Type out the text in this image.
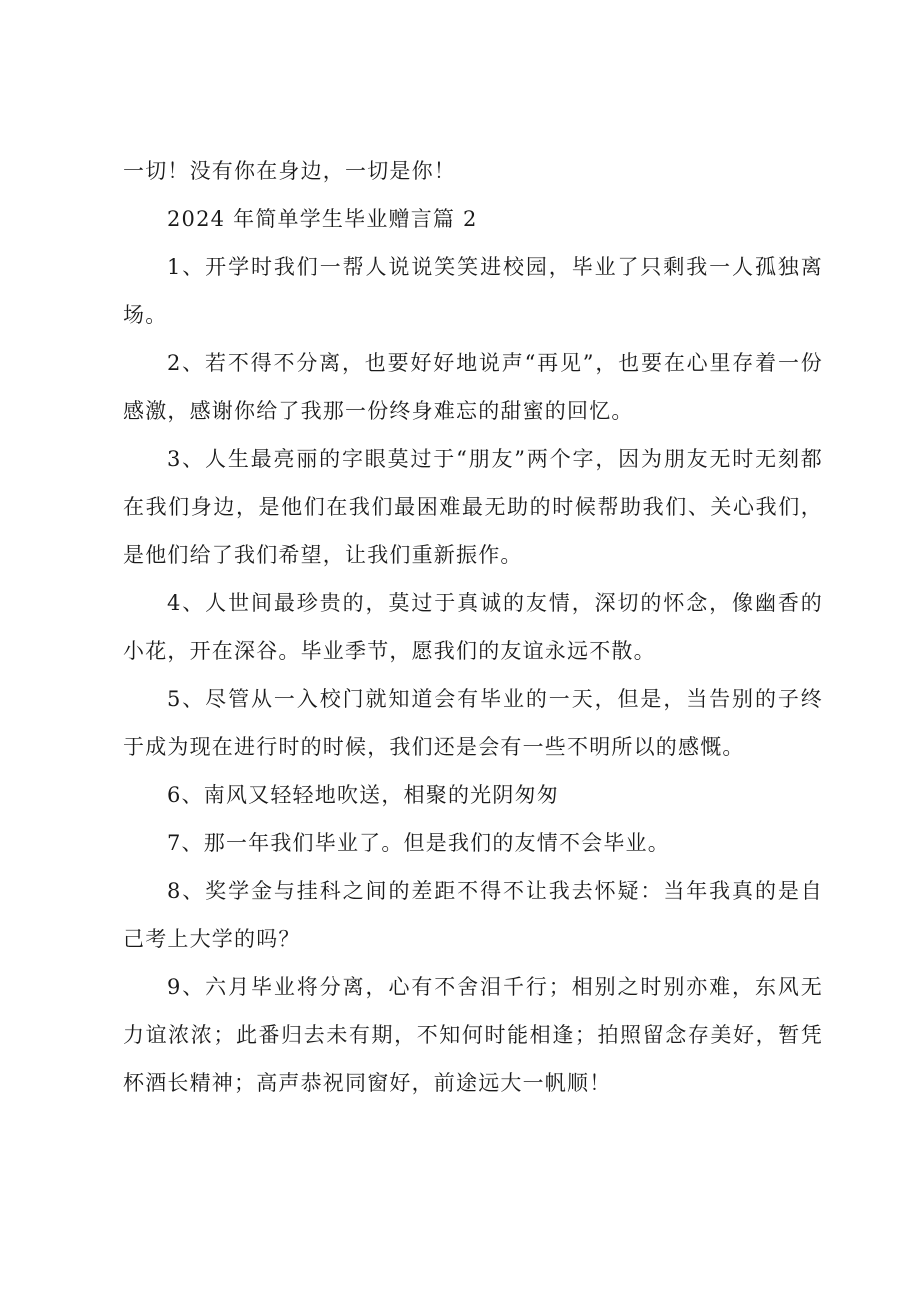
一切！没有你在身边，一切是你！

2024 年简单学生毕业赠言篇 2

1、开学时我们一帮人说说笑笑进校园，毕业了只剩我一人孤独离场。

2、若不得不分离，也要好好地说声“再见”，也要在心里存着一份感激，感谢你给了我那一份终身难忘的甜蜜的回忆。

3、人生最亮丽的字眼莫过于“朋友”两个字，因为朋友无时无刻都在我们身边，是他们在我们最困难最无助的时候帮助我们、关心我们，是他们给了我们希望，让我们重新振作。

4、人世间最珍贵的，莫过于真诚的友情，深切的怀念，像幽香的小花，开在深谷。毕业季节，愿我们的友谊永远不散。

5、尽管从一入校门就知道会有毕业的一天，但是，当告别的子终于成为现在进行时的时候，我们还是会有一些不明所以的感慨。

6、南风又轻轻地吹送，相聚的光阴匆匆

7、那一年我们毕业了。但是我们的友情不会毕业。

8、奖学金与挂科之间的差距不得不让我去怀疑：当年我真的是自己考上大学的吗？

9、六月毕业将分离，心有不舍泪千行；相别之时别亦难，东风无力谊浓浓；此番归去未有期，不知何时能相逢；拍照留念存美好，暂凭杯酒长精神；高声恭祝同窗好，前途远大一帆顺！
